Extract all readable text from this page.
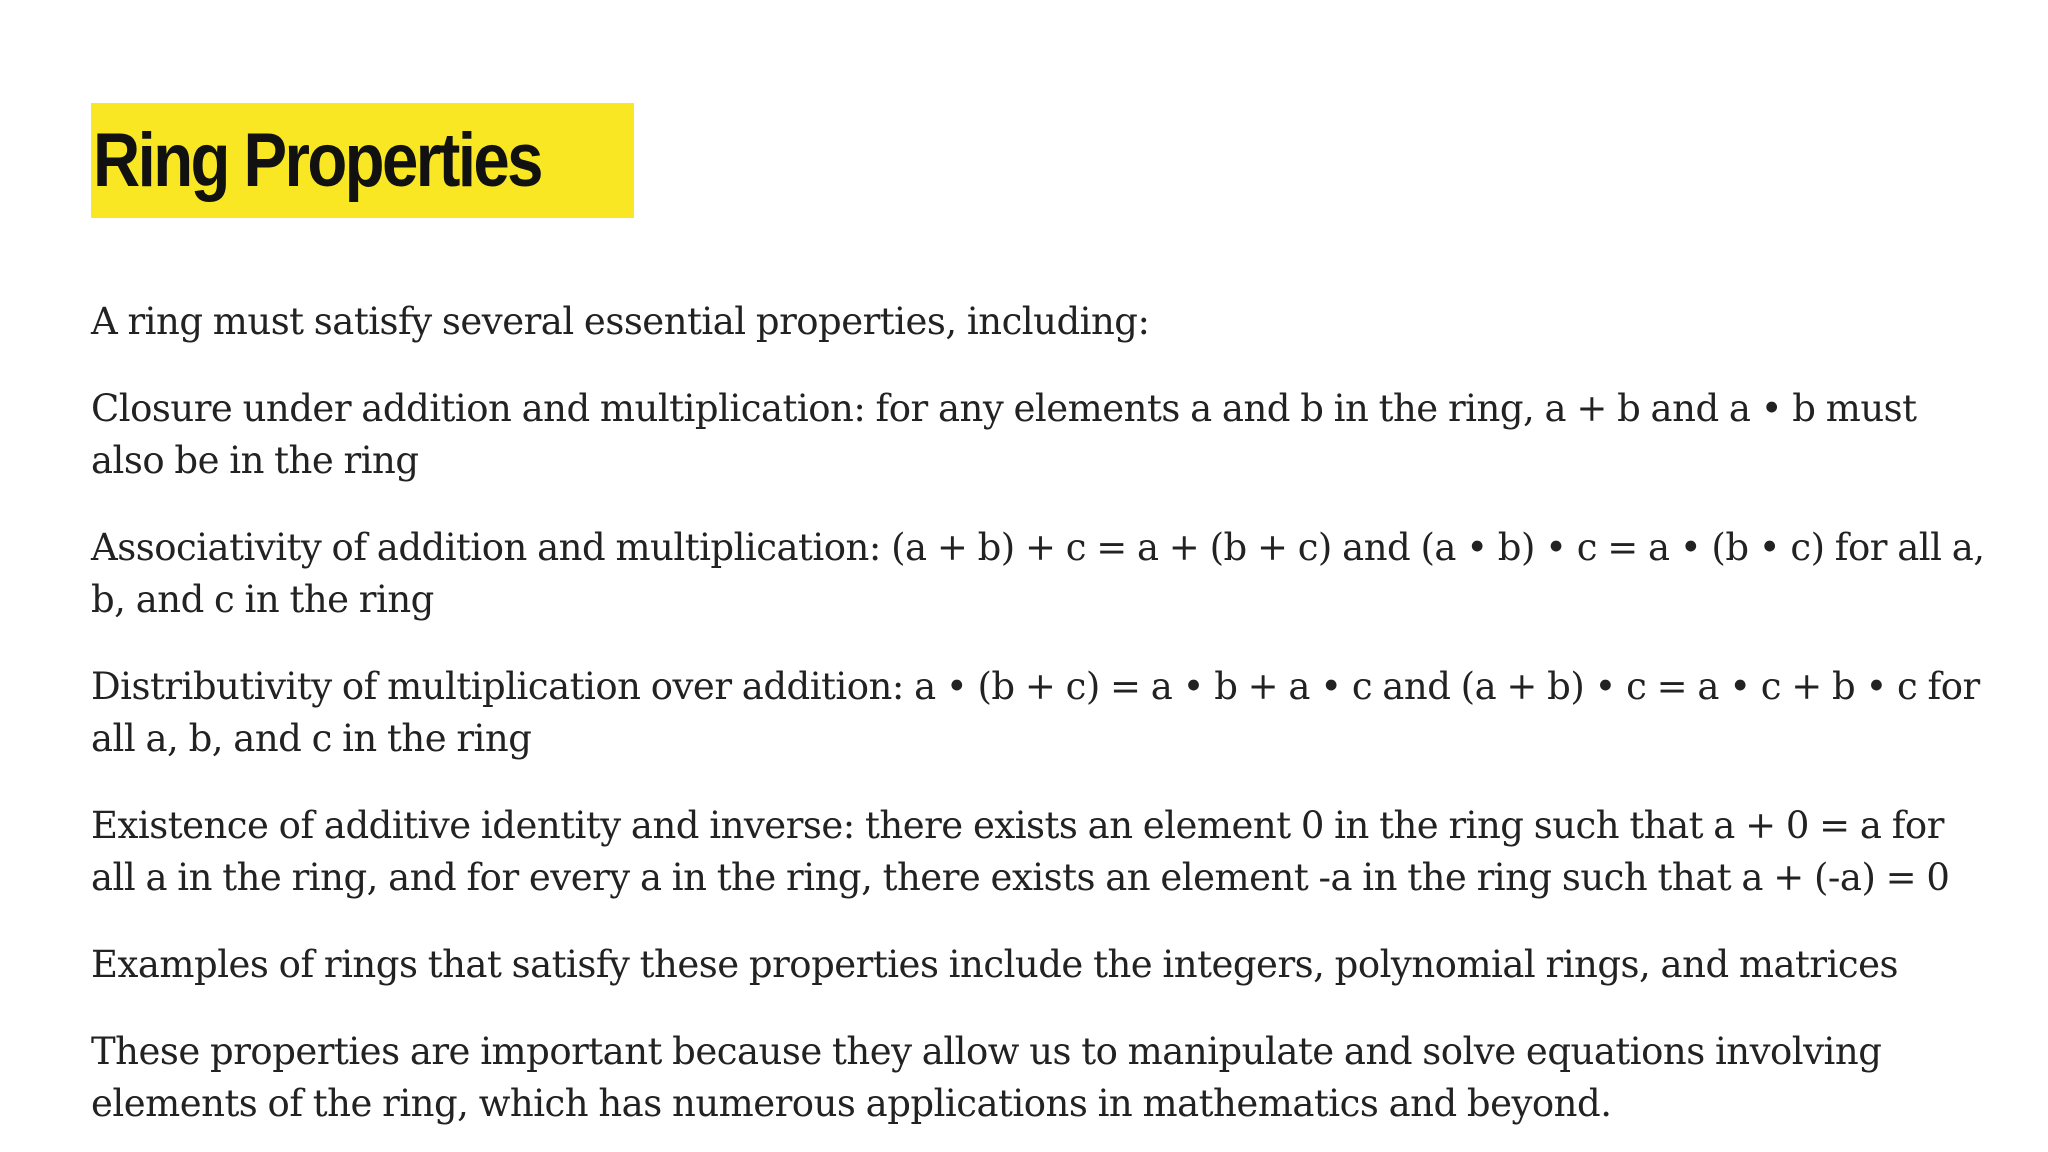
Ring Properties

A ring must satisfy several essential properties, including:

Closure under addition and multiplication: for any elements a and b in the ring, a + b and a • b must also be in the ring

Associativity of addition and multiplication: (a + b) + c = a + (b + c) and (a • b) • c = a • (b • c) for all a, b, and c in the ring

Distributivity of multiplication over addition: a • (b + c) = a • b + a • c and (a + b) • c = a • c + b • c for all a, b, and c in the ring

Existence of additive identity and inverse: there exists an element 0 in the ring such that a + 0 = a for all a in the ring, and for every a in the ring, there exists an element -a in the ring such that a + (-a) = 0

Examples of rings that satisfy these properties include the integers, polynomial rings, and matrices

These properties are important because they allow us to manipulate and solve equations involving elements of the ring, which has numerous applications in mathematics and beyond.
